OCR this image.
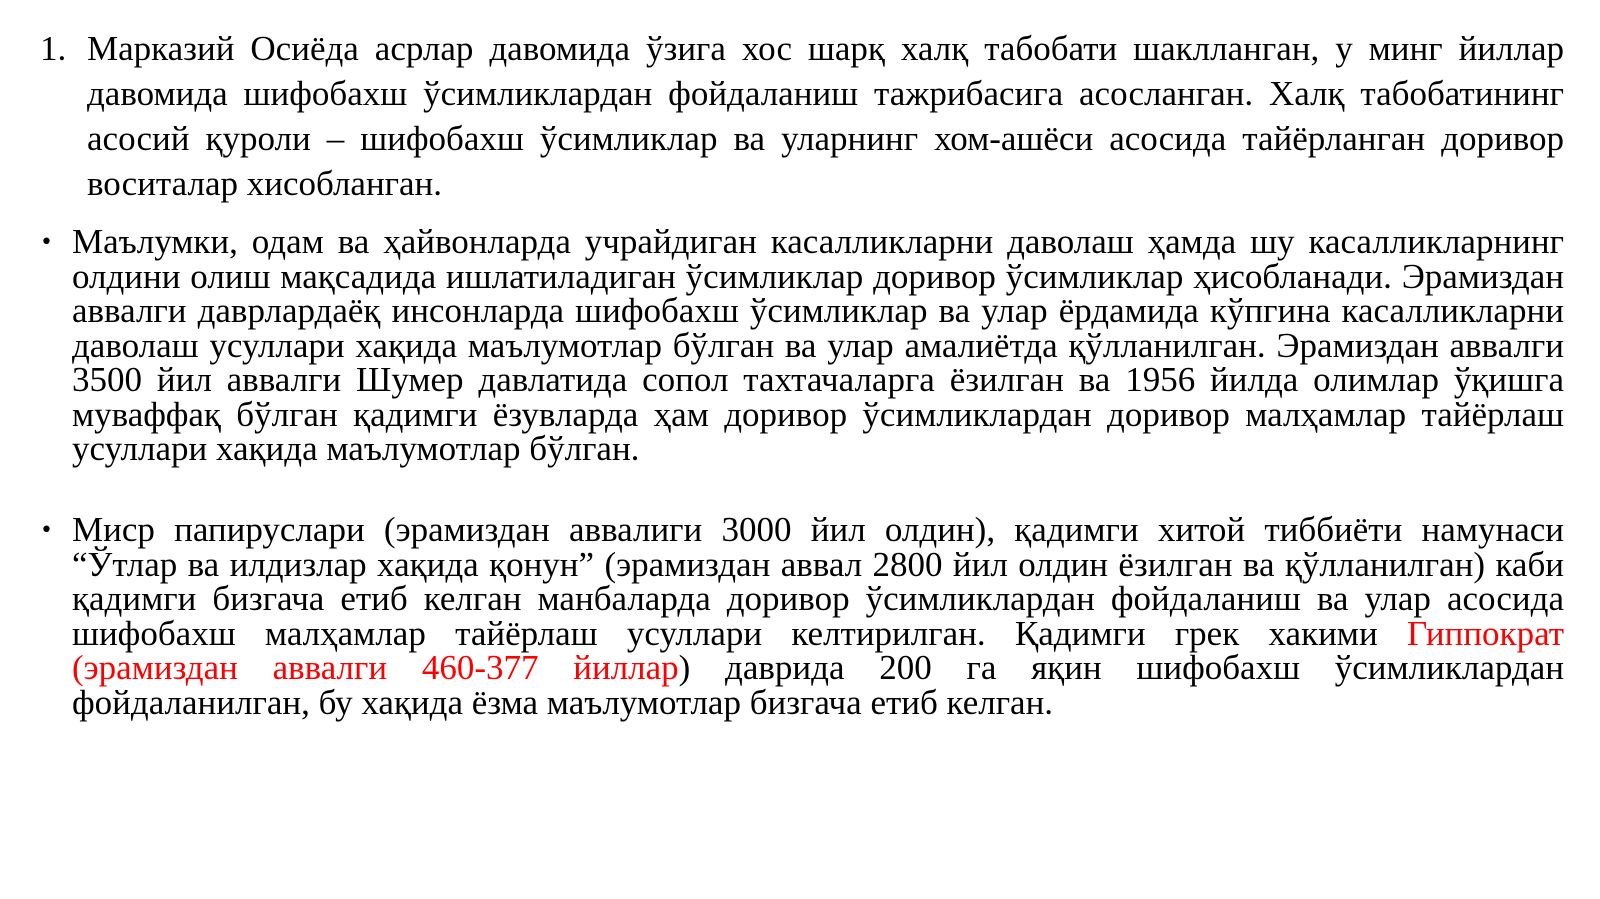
1. Марказий Осиёда асрлар давомида ўзига хос шарқ халқ табобати шаклланган, у минг йиллар давомида шифобахш ўсимликлардан фойдаланиш тажрибасига асосланган. Халқ табобатининг асосий қуроли – шифобахш ўсимликлар ва уларнинг хом-ашёси асосида тайёрланган доривор воситалар хисобланган.
• Маълумки, одам ва ҳайвонларда учрайдиган касалликларни даволаш ҳамда шу касалликларнинг олдини олиш мақсадида ишлатиладиган ўсимликлар доривор ўсимликлар ҳисобланади. Эрамиздан аввалги даврлардаёқ инсонларда шифобахш ўсимликлар ва улар ёрдамида кўпгина касалликларни даволаш усуллари хақида маълумотлар бўлган ва улар амалиётда қўлланилган. Эрамиздан аввалги 3500 йил аввалги Шумер давлатида сопол тахтачаларга ёзилган ва 1956 йилда олимлар ўқишга муваффақ бўлган қадимги ёзувларда ҳам доривор ўсимликлардан доривор малҳамлар тайёрлаш усуллари хақида маълумотлар бўлган.
• Миср папируслари (эрамиздан аввалиги 3000 йил олдин), қадимги хитой тиббиёти намунаси “Ўтлар ва илдизлар хақида қонун” (эрамиздан аввал 2800 йил олдин ёзилган ва қўлланилган) каби қадимги бизгача етиб келган манбаларда доривор ўсимликлардан фойдаланиш ва улар асосида шифобахш малҳамлар тайёрлаш усуллари келтирилган. Қадимги грек хакими Гиппократ (эрамиздан аввалги 460-377 йиллар) даврида 200 га яқин шифобахш ўсимликлардан фойдаланилган, бу хақида ёзма маълумотлар бизгача етиб келган.
